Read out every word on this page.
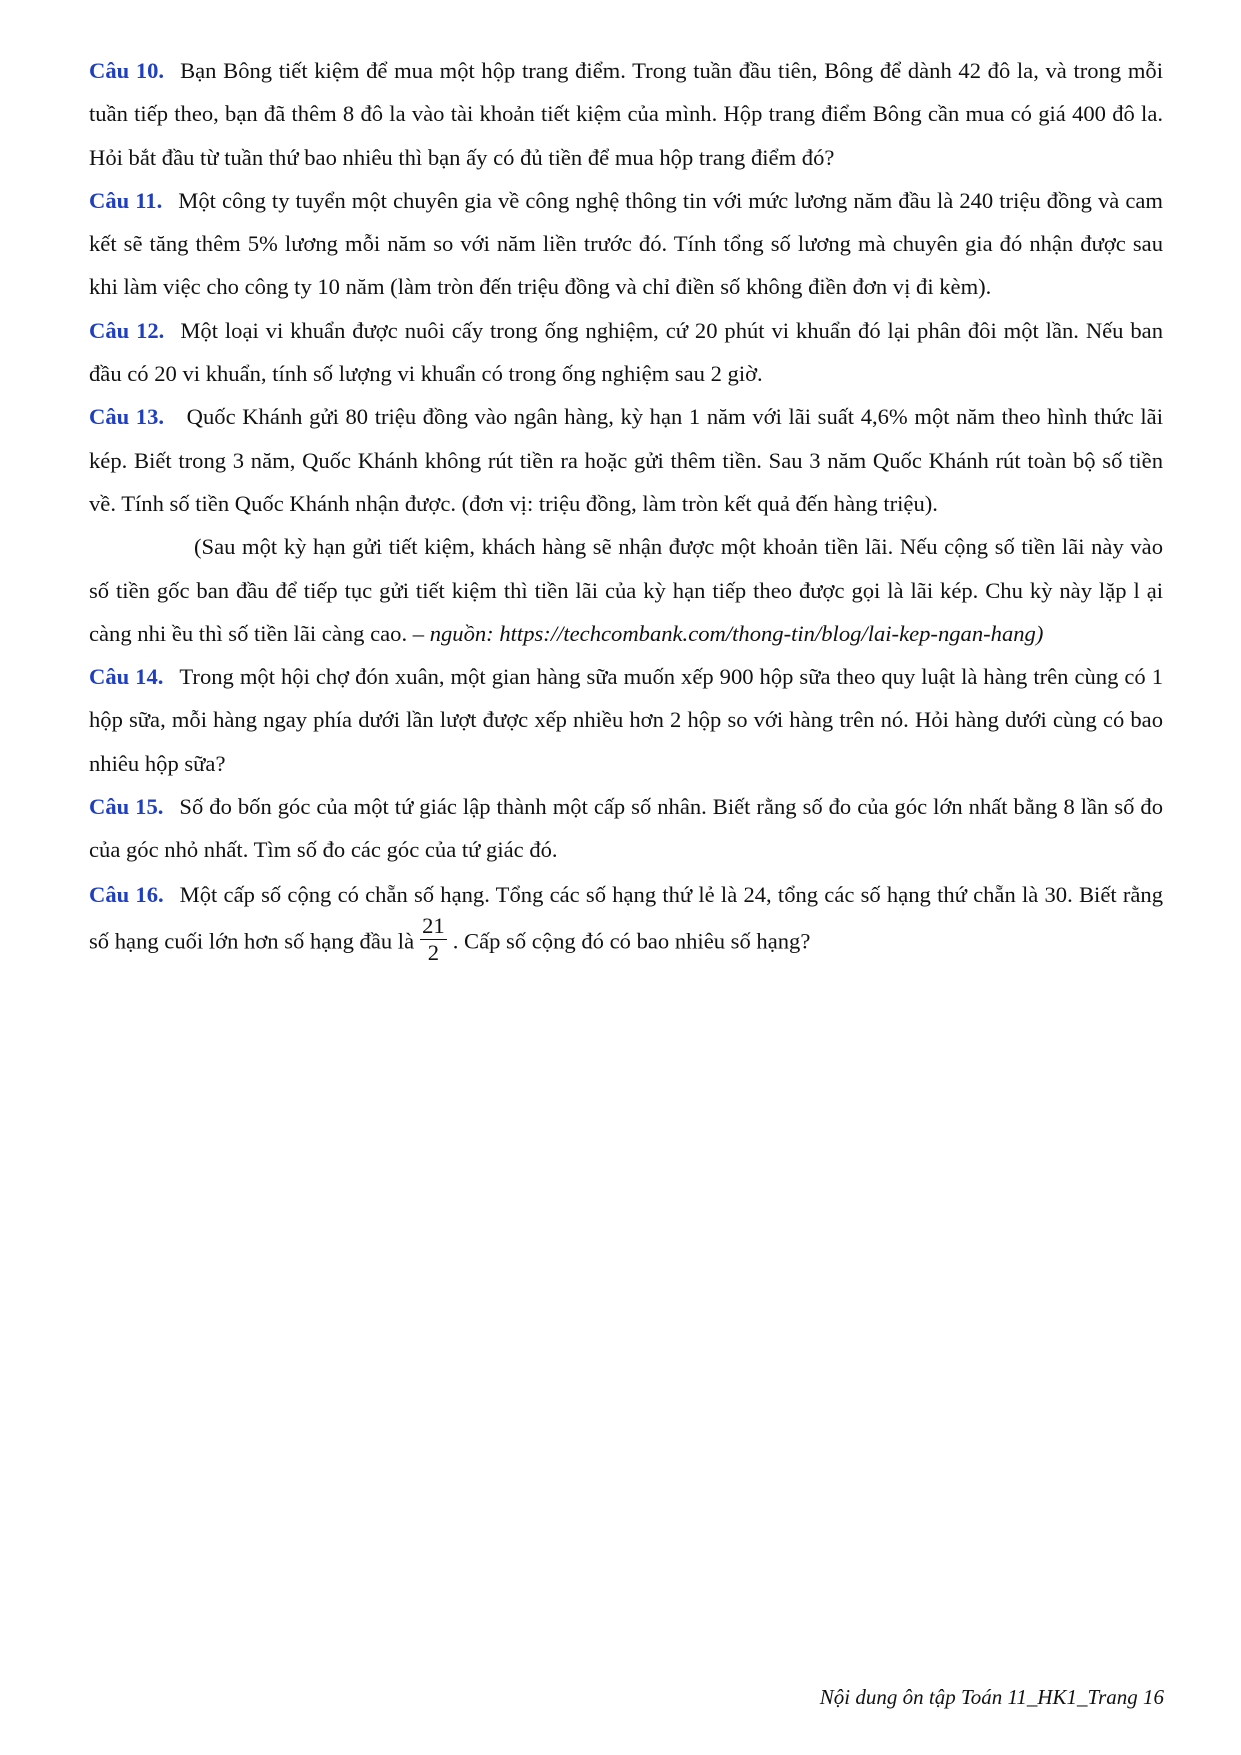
Câu 10. Bạn Bông tiết kiệm để mua một hộp trang điểm. Trong tuần đầu tiên, Bông để dành 42 đô la, và trong mỗi tuần tiếp theo, bạn đã thêm 8 đô la vào tài khoản tiết kiệm của mình. Hộp trang điểm Bông cần mua có giá 400 đô la. Hỏi bắt đầu từ tuần thứ bao nhiêu thì bạn ấy có đủ tiền để mua hộp trang điểm đó?

Câu 11. Một công ty tuyển một chuyên gia về công nghệ thông tin với mức lương năm đầu là 240 triệu đồng và cam kết sẽ tăng thêm 5% lương mỗi năm so với năm liền trước đó. Tính tổng số lương mà chuyên gia đó nhận được sau khi làm việc cho công ty 10 năm (làm tròn đến triệu đồng và chỉ điền số không điền đơn vị đi kèm).

Câu 12. Một loại vi khuẩn được nuôi cấy trong ống nghiệm, cứ 20 phút vi khuẩn đó lại phân đôi một lần. Nếu ban đầu có 20 vi khuẩn, tính số lượng vi khuẩn có trong ống nghiệm sau 2 giờ.

Câu 13. Quốc Khánh gửi 80 triệu đồng vào ngân hàng, kỳ hạn 1 năm với lãi suất 4,6% một năm theo hình thức lãi kép. Biết trong 3 năm, Quốc Khánh không rút tiền ra hoặc gửi thêm tiền. Sau 3 năm Quốc Khánh rút toàn bộ số tiền về. Tính số tiền Quốc Khánh nhận được. (đơn vị: triệu đồng, làm tròn kết quả đến hàng triệu).

(Sau một kỳ hạn gửi tiết kiệm, khách hàng sẽ nhận được một khoản tiền lãi. Nếu cộng số tiền lãi này vào số tiền gốc ban đầu để tiếp tục gửi tiết kiệm thì tiền lãi của kỳ hạn tiếp theo được gọi là lãi kép. Chu kỳ này lặp l ại càng nhi ều thì số tiền lãi càng cao. – nguồn: https://techcombank.com/thong-tin/blog/lai-kep-ngan-hang)

Câu 14. Trong một hội chợ đón xuân, một gian hàng sữa muốn xếp 900 hộp sữa theo quy luật là hàng trên cùng có 1 hộp sữa, mỗi hàng ngay phía dưới lần lượt được xếp nhiều hơn 2 hộp so với hàng trên nó. Hỏi hàng dưới cùng có bao nhiêu hộp sữa?

Câu 15. Số đo bốn góc của một tứ giác lập thành một cấp số nhân. Biết rằng số đo của góc lớn nhất bằng 8 lần số đo của góc nhỏ nhất. Tìm số đo các góc của tứ giác đó.

Câu 16. Một cấp số cộng có chẵn số hạng. Tổng các số hạng thứ lẻ là 24, tổng các số hạng thứ chẵn là 30. Biết rằng số hạng cuối lớn hơn số hạng đầu là $\frac{21}{2}$ . Cấp số cộng đó có bao nhiêu số hạng?

Nội dung ôn tập Toán 11_HK1_Trang 16
